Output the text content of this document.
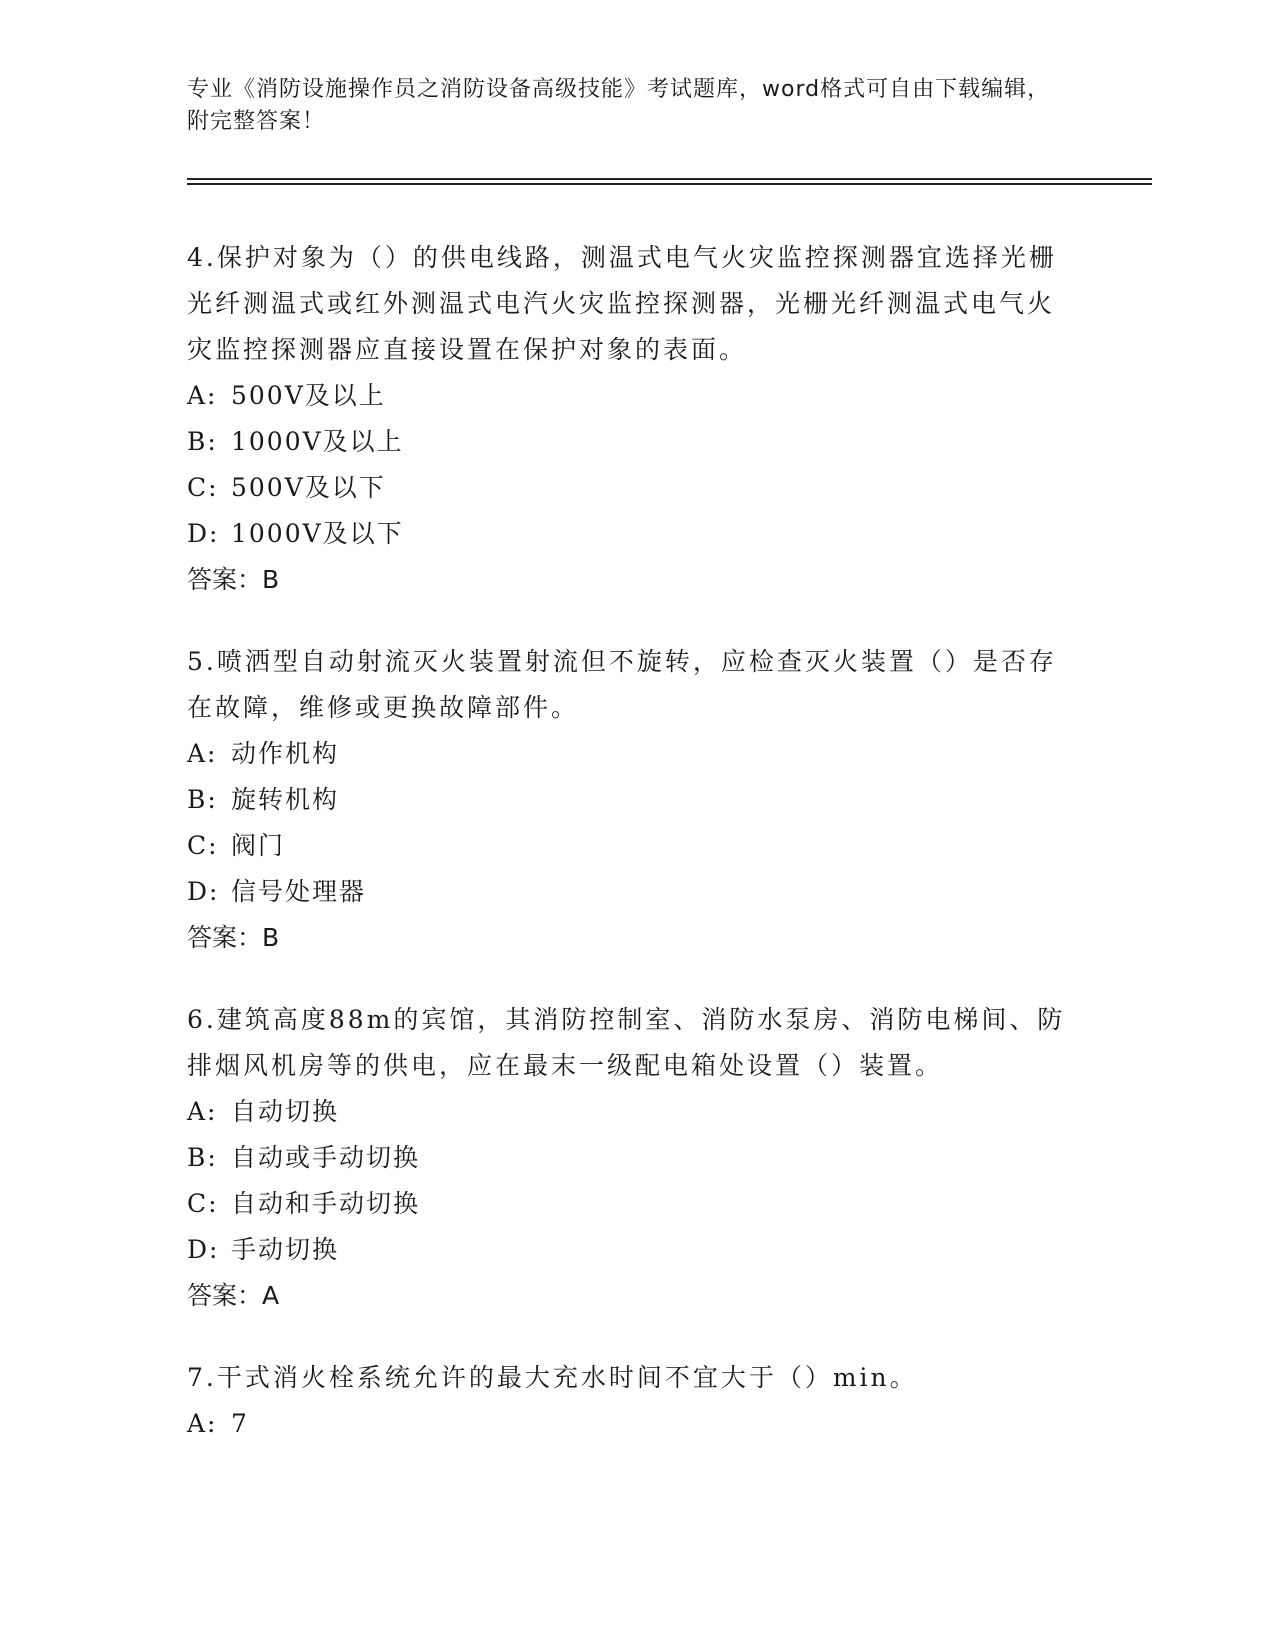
专业《消防设施操作员之消防设备高级技能》考试题库，word格式可自由下载编辑，附完整答案！

4.保护对象为（）的供电线路，测温式电气火灾监控探测器宜选择光栅光纤测温式或红外测温式电汽火灾监控探测器，光栅光纤测温式电气火灾监控探测器应直接设置在保护对象的表面。

A: 500V及以上

B: 1000V及以上

C: 500V及以下

D: 1000V及以下

答案：B

5.喷洒型自动射流灭火装置射流但不旋转，应检查灭火装置（）是否存在故障，维修或更换故障部件。

A: 动作机构

B: 旋转机构

C: 阀门

D: 信号处理器

答案：B

6.建筑高度88m的宾馆，其消防控制室、消防水泵房、消防电梯间、防排烟风机房等的供电，应在最末一级配电箱处设置（）装置。

A: 自动切换

B: 自动或手动切换

C: 自动和手动切换

D: 手动切换

答案：A

7.干式消火栓系统允许的最大充水时间不宜大于（）min。

A: 7
